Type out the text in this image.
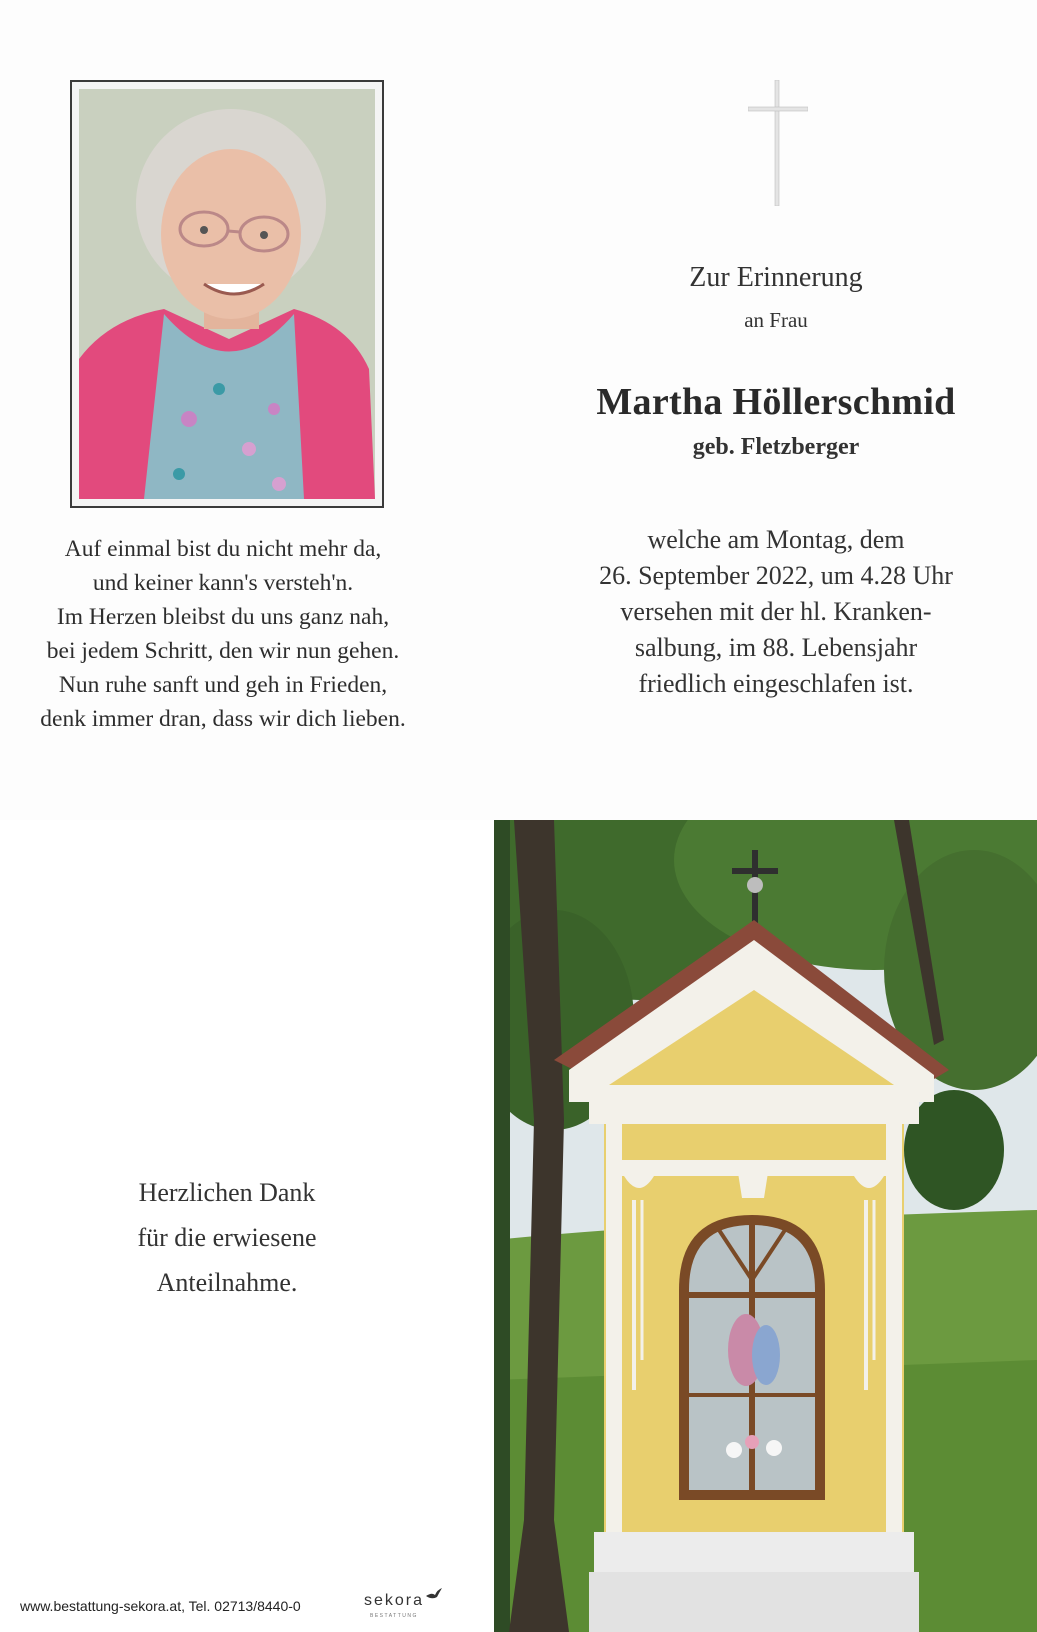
Auf einmal bist du nicht mehr da,
und keiner kann's versteh'n.
Im Herzen bleibst du uns ganz nah,
bei jedem Schritt, den wir nun gehen.
Nun ruhe sanft und geh in Frieden,
denk immer dran, dass wir dich lieben.
Zur Erinnerung
an Frau
Martha Höllerschmid
geb. Fletzberger
welche am Montag, dem
26. September 2022, um 4.28 Uhr
versehen mit der hl. Kranken-
salbung, im 88. Lebensjahr
friedlich eingeschlafen ist.
Herzlichen Dank
für die erwiesene
Anteilnahme.
www.bestattung-sekora.at, Tel. 02713/8440-0	sekora
BESTATTUNG
